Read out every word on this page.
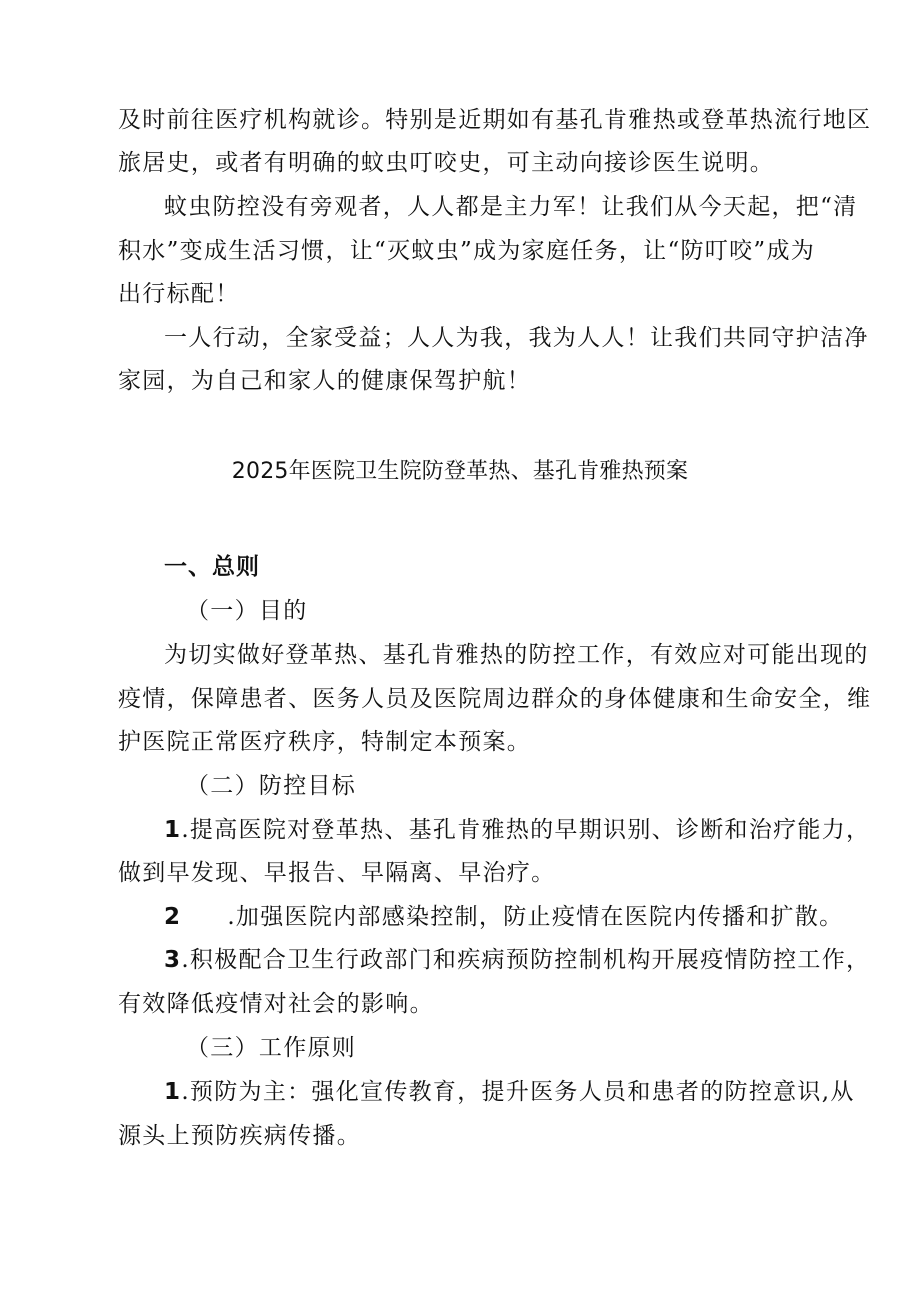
及时前往医疗机构就诊。特别是近期如有基孔肯雅热或登革热流行地区
旅居史，或者有明确的蚊虫叮咬史，可主动向接诊医生说明。
蚊虫防控没有旁观者，人人都是主力军！让我们从今天起，把“清
积水”变成生活习惯，让“灭蚊虫”成为家庭任务，让“防叮咬”成为
出行标配！
一人行动，全家受益；人人为我，我为人人！让我们共同守护洁净
家园，为自己和家人的健康保驾护航！
2025年医院卫生院防登革热、基孔肯雅热预案
一、总则
（一）目的
为切实做好登革热、基孔肯雅热的防控工作，有效应对可能出现的
疫情，保障患者、医务人员及医院周边群众的身体健康和生命安全，维
护医院正常医疗秩序，特制定本预案。
（二）防控目标
1.提高医院对登革热、基孔肯雅热的早期识别、诊断和治疗能力，
做到早发现、早报告、早隔离、早治疗。
2 .加强医院内部感染控制，防止疫情在医院内传播和扩散。
3.积极配合卫生行政部门和疾病预防控制机构开展疫情防控工作，
有效降低疫情对社会的影响。
（三）工作原则
1.预防为主：强化宣传教育，提升医务人员和患者的防控意识,从
源头上预防疾病传播。
